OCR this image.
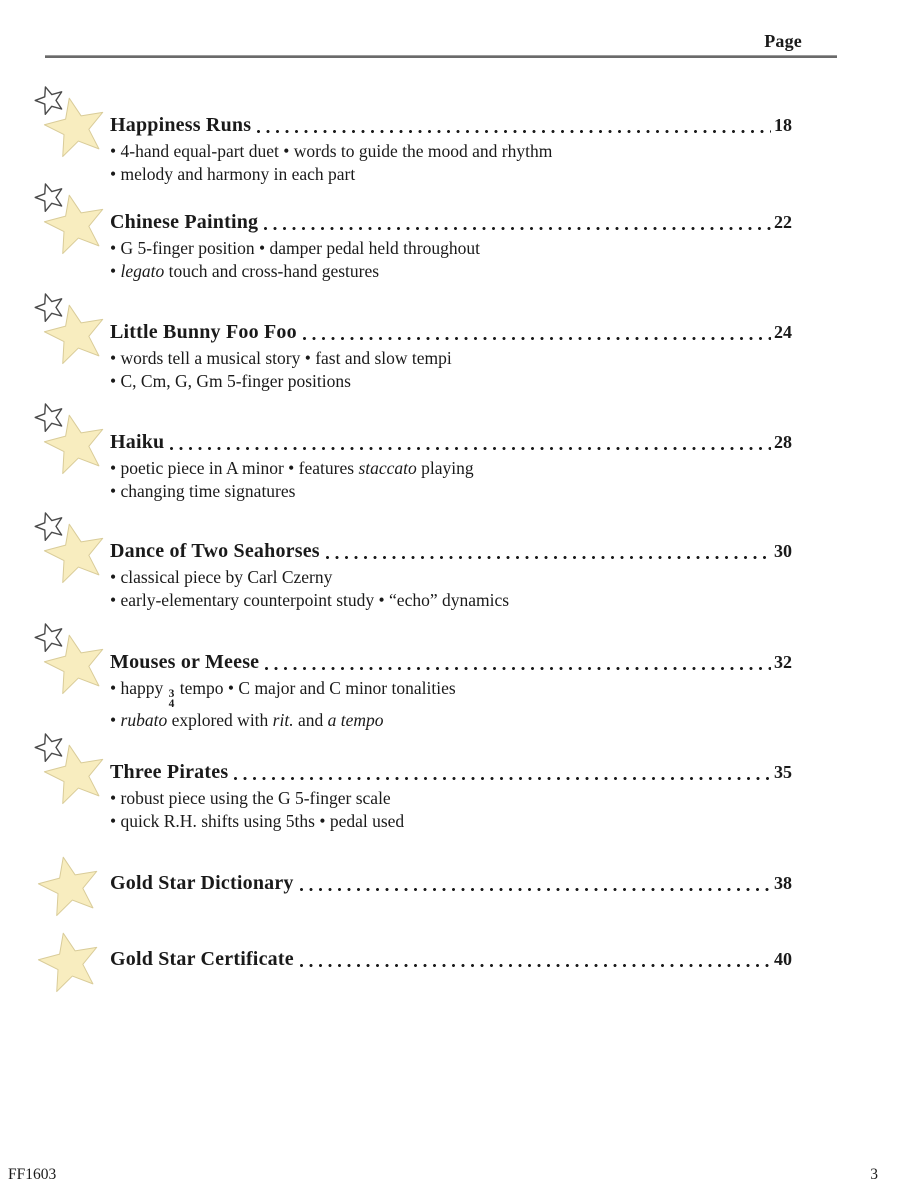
Page
Happiness Runs	18
• 4-hand equal-part duet • words to guide the mood and rhythm
• melody and harmony in each part
Chinese Painting	22
• G 5-finger position • damper pedal held throughout
• legato touch and cross-hand gestures
Little Bunny Foo Foo	24
• words tell a musical story • fast and slow tempi
• C, Cm, G, Gm 5-finger positions
Haiku	28
• poetic piece in A minor • features staccato playing
• changing time signatures
Dance of Two Seahorses	30
• classical piece by Carl Czerny
• early-elementary counterpoint study • “echo” dynamics
Mouses or Meese	32
• happy 3
4
tempo • C major and C minor tonalities
• rubato explored with rit. and a tempo
Three Pirates	35
• robust piece using the G 5-finger scale
• quick R.H. shifts using 5ths • pedal used
Gold Star Dictionary	38
Gold Star Certificate	40
FF1603	3
